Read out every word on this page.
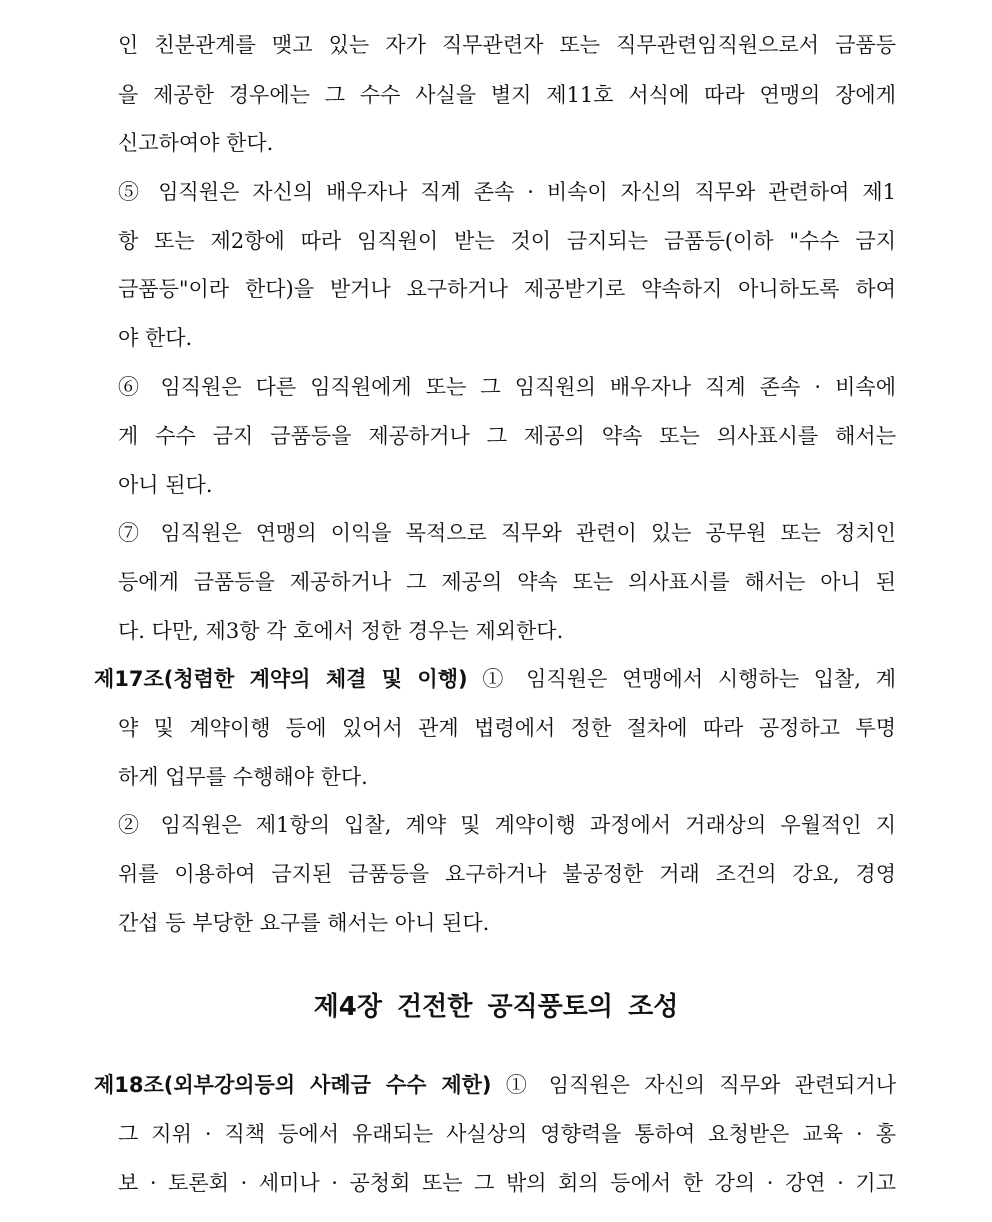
인 친분관계를 맺고 있는 자가 직무관련자 또는 직무관련임직원으로서 금품등
을 제공한 경우에는 그 수수 사실을 별지 제11호 서식에 따라 연맹의 장에게
신고하여야 한다.
⑤ 임직원은 자신의 배우자나 직계 존속 · 비속이 자신의 직무와 관련하여 제1
항 또는 제2항에 따라 임직원이 받는 것이 금지되는 금품등(이하 "수수 금지
금품등"이라 한다)을 받거나 요구하거나 제공받기로 약속하지 아니하도록 하여
야 한다.
⑥ 임직원은 다른 임직원에게 또는 그 임직원의 배우자나 직계 존속 · 비속에
게 수수 금지 금품등을 제공하거나 그 제공의 약속 또는 의사표시를 해서는
아니 된다.
⑦ 임직원은 연맹의 이익을 목적으로 직무와 관련이 있는 공무원 또는 정치인
등에게 금품등을 제공하거나 그 제공의 약속 또는 의사표시를 해서는 아니 된
다. 다만, 제3항 각 호에서 정한 경우는 제외한다.
제17조(청렴한 계약의 체결 및 이행) ① 임직원은 연맹에서 시행하는 입찰, 계
약 및 계약이행 등에 있어서 관계 법령에서 정한 절차에 따라 공정하고 투명
하게 업무를 수행해야 한다.
② 임직원은 제1항의 입찰, 계약 및 계약이행 과정에서 거래상의 우월적인 지
위를 이용하여 금지된 금품등을 요구하거나 불공정한 거래 조건의 강요, 경영
간섭 등 부당한 요구를 해서는 아니 된다.
제4장 건전한 공직풍토의 조성
제18조(외부강의등의 사례금 수수 제한) ① 임직원은 자신의 직무와 관련되거나
그 지위 · 직책 등에서 유래되는 사실상의 영향력을 통하여 요청받은 교육 · 홍
보 · 토론회 · 세미나 · 공청회 또는 그 밖의 회의 등에서 한 강의 · 강연 · 기고
